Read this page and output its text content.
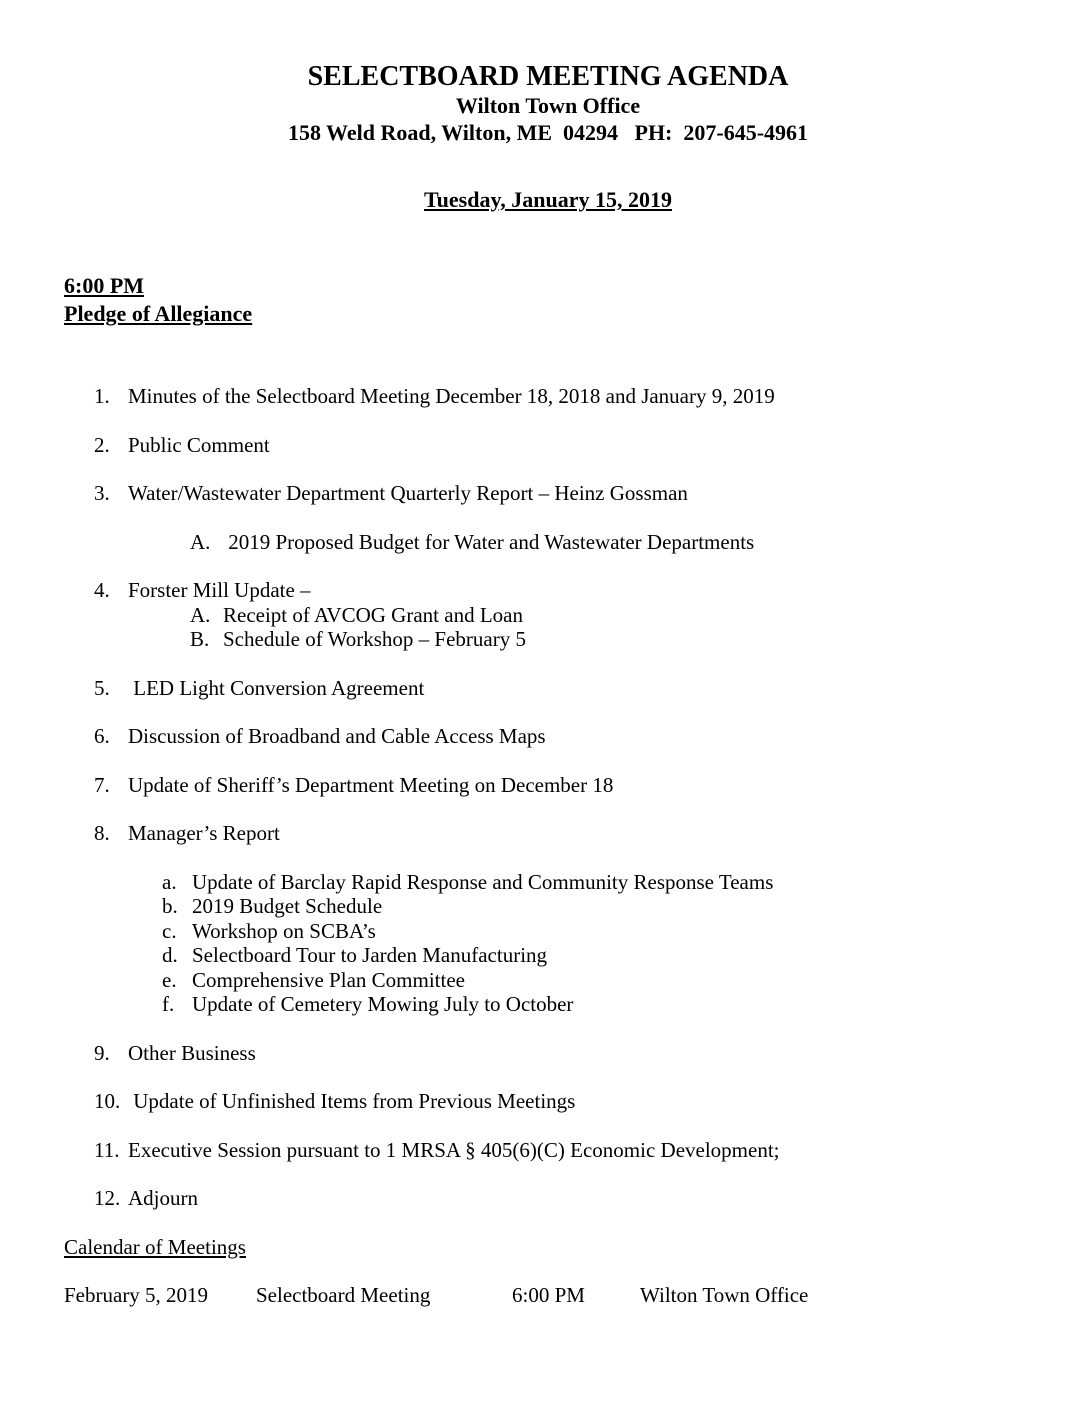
SELECTBOARD MEETING AGENDA
Wilton Town Office
158 Weld Road, Wilton, ME  04294   PH:  207-645-4961
Tuesday, January 15, 2019
6:00 PM
Pledge of Allegiance
1. Minutes of the Selectboard Meeting December 18, 2018 and January 9, 2019
2. Public Comment
3. Water/Wastewater Department Quarterly Report – Heinz Gossman
A. 2019 Proposed Budget for Water and Wastewater Departments
4. Forster Mill Update –
A. Receipt of AVCOG Grant and Loan
B. Schedule of Workshop – February 5
5. LED Light Conversion Agreement
6. Discussion of Broadband and Cable Access Maps
7. Update of Sheriff’s Department Meeting on December 18
8. Manager’s Report
a. Update of Barclay Rapid Response and Community Response Teams
b. 2019 Budget Schedule
c. Workshop on SCBA’s
d. Selectboard Tour to Jarden Manufacturing
e. Comprehensive Plan Committee
f. Update of Cemetery Mowing July to October
9. Other Business
10. Update of Unfinished Items from Previous Meetings
11. Executive Session pursuant to 1 MRSA § 405(6)(C) Economic Development;
12. Adjourn
Calendar of Meetings
February 5, 2019	Selectboard Meeting	6:00 PM	Wilton Town Office
